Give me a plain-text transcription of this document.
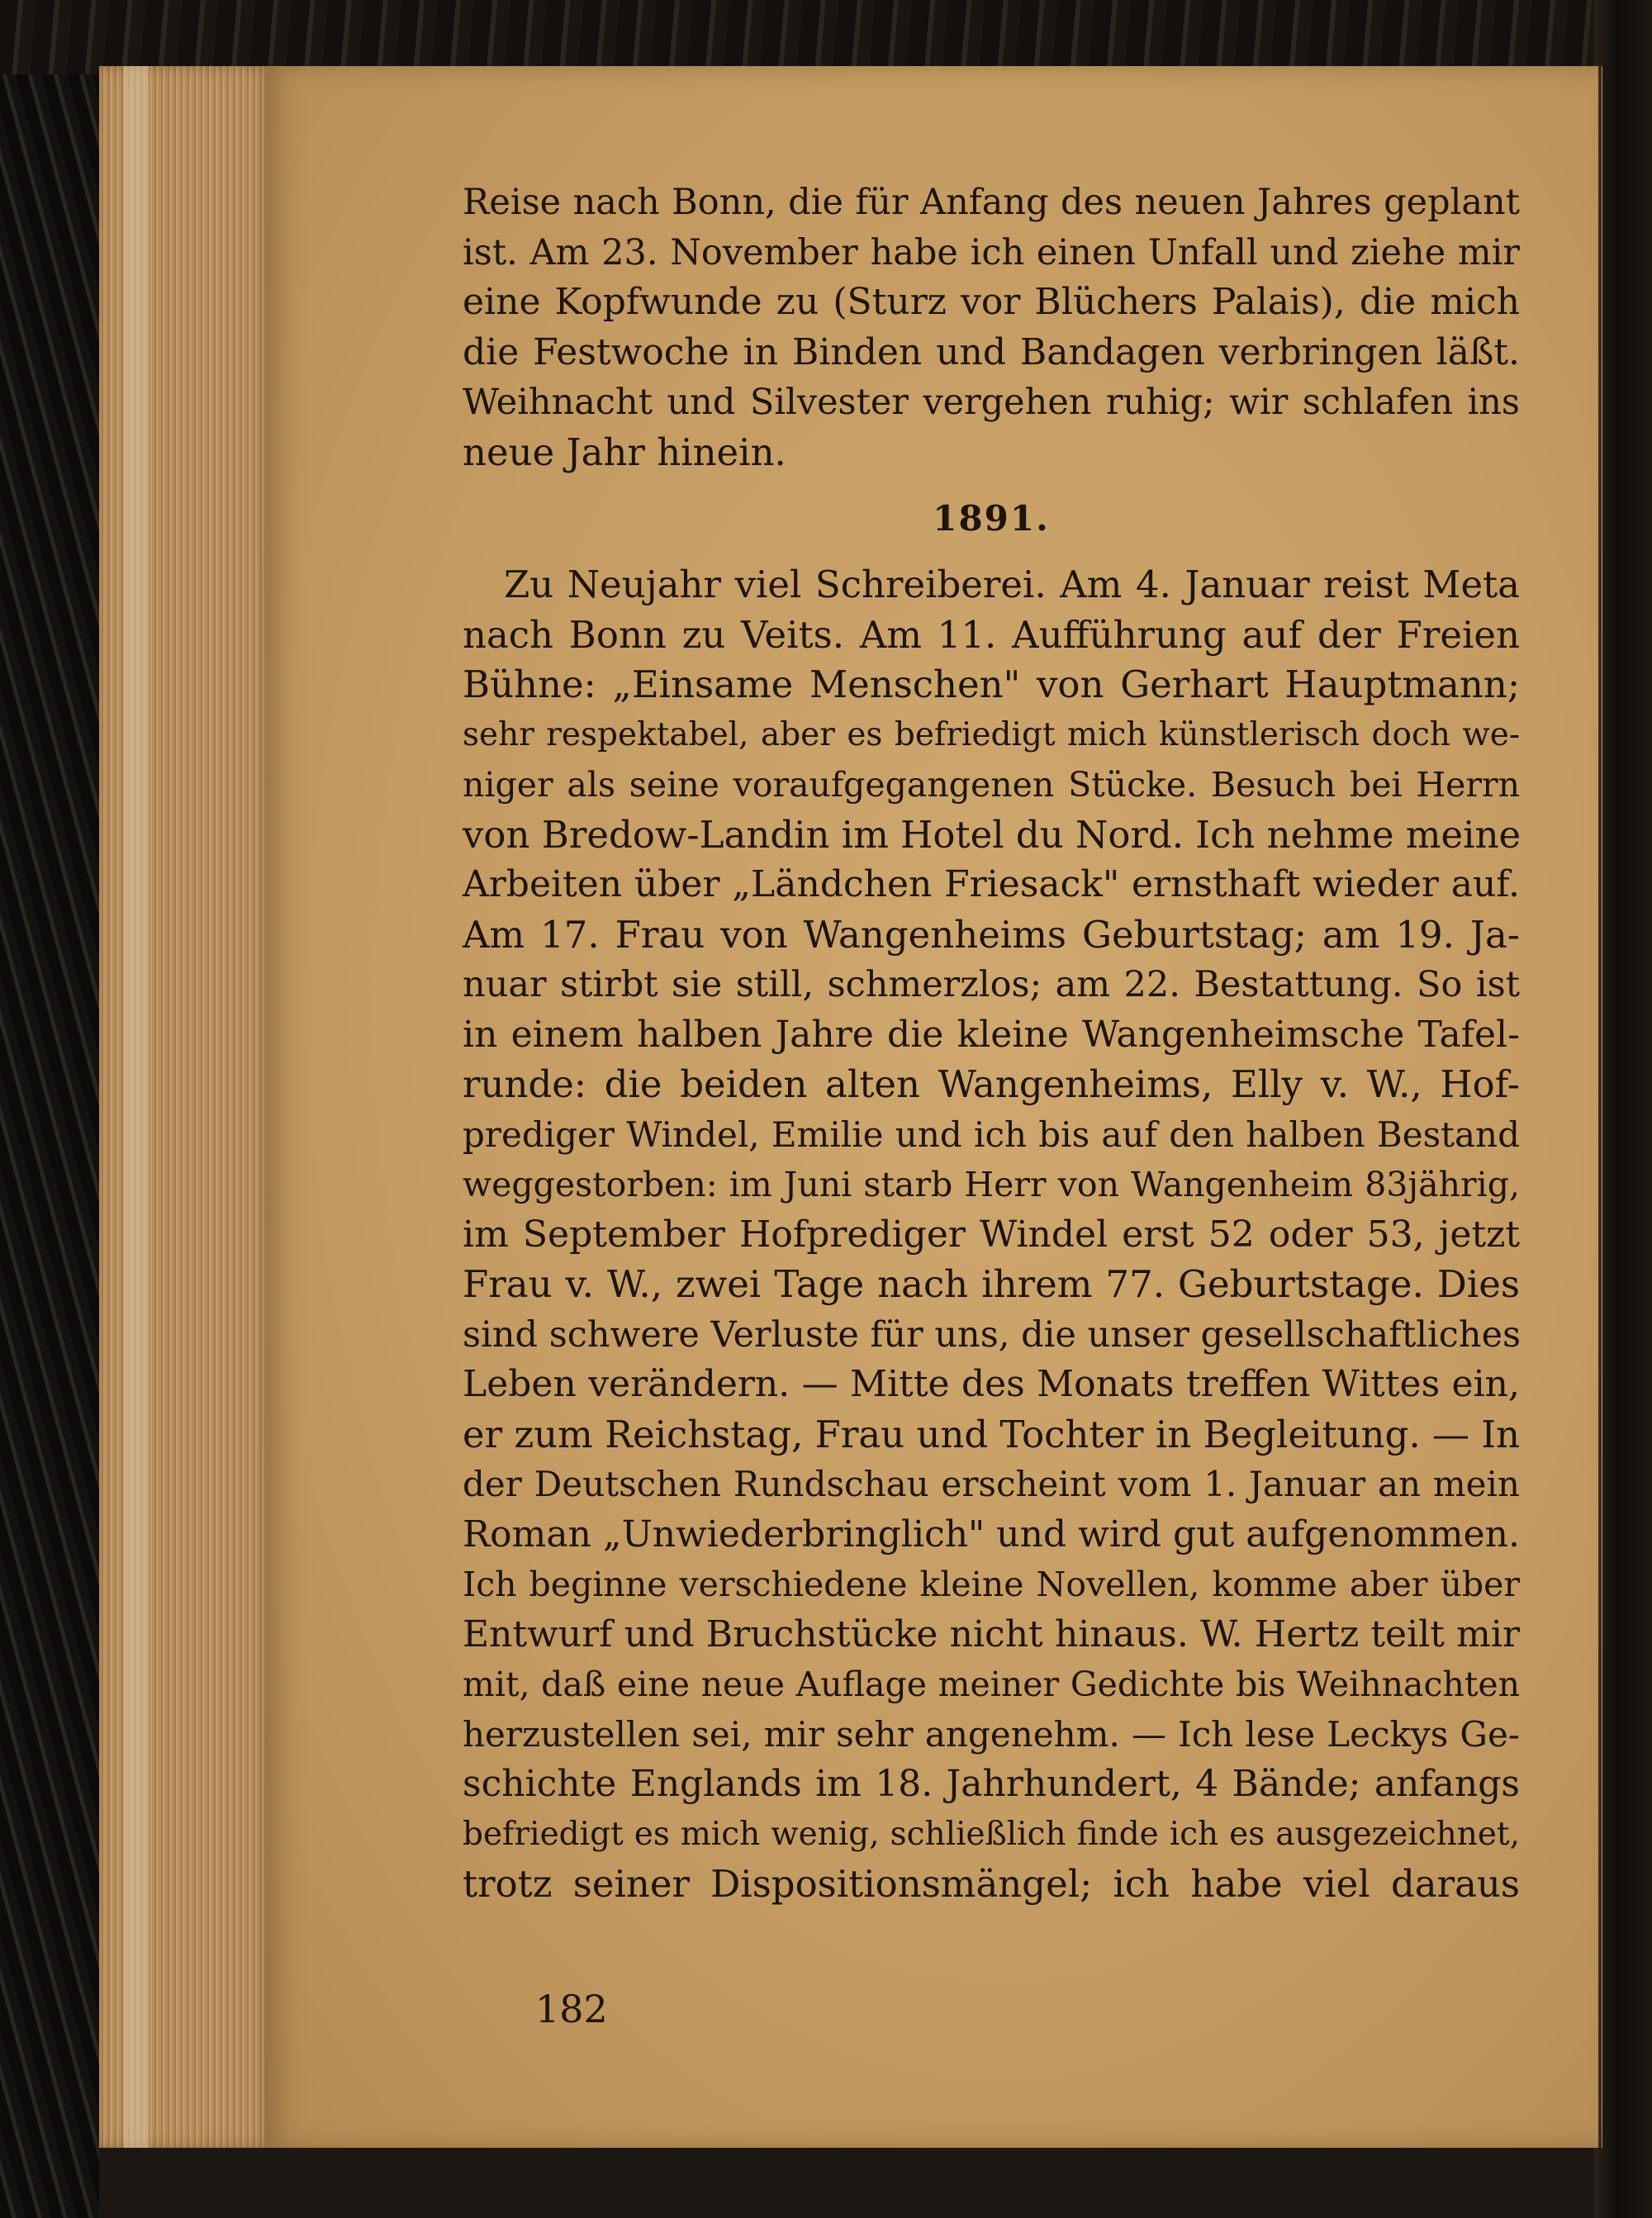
Reise nach Bonn, die für Anfang des neuen Jahres geplant
ist. Am 23. November habe ich einen Unfall und ziehe mir
eine Kopfwunde zu (Sturz vor Blüchers Palais), die mich
die Festwoche in Binden und Bandagen verbringen läßt.
Weihnacht und Silvester vergehen ruhig; wir schlafen ins
neue Jahr hinein.
1891.
Zu Neujahr viel Schreiberei. Am 4. Januar reist Meta
nach Bonn zu Veits. Am 11. Aufführung auf der Freien
Bühne: „Einsame Menschen" von Gerhart Hauptmann;
sehr respektabel, aber es befriedigt mich künstlerisch doch we-
niger als seine voraufgegangenen Stücke. Besuch bei Herrn
von Bredow-Landin im Hotel du Nord. Ich nehme meine
Arbeiten über „Ländchen Friesack" ernsthaft wieder auf.
Am 17. Frau von Wangenheims Geburtstag; am 19. Ja-
nuar stirbt sie still, schmerzlos; am 22. Bestattung. So ist
in einem halben Jahre die kleine Wangenheimsche Tafel-
runde: die beiden alten Wangenheims, Elly v. W., Hof-
prediger Windel, Emilie und ich bis auf den halben Bestand
weggestorben: im Juni starb Herr von Wangenheim 83jährig,
im September Hofprediger Windel erst 52 oder 53, jetzt
Frau v. W., zwei Tage nach ihrem 77. Geburtstage. Dies
sind schwere Verluste für uns, die unser gesellschaftliches
Leben verändern. — Mitte des Monats treffen Wittes ein,
er zum Reichstag, Frau und Tochter in Begleitung. — In
der Deutschen Rundschau erscheint vom 1. Januar an mein
Roman „Unwiederbringlich" und wird gut aufgenommen.
Ich beginne verschiedene kleine Novellen, komme aber über
Entwurf und Bruchstücke nicht hinaus. W. Hertz teilt mir
mit, daß eine neue Auflage meiner Gedichte bis Weihnachten
herzustellen sei, mir sehr angenehm. — Ich lese Leckys Ge-
schichte Englands im 18. Jahrhundert, 4 Bände; anfangs
befriedigt es mich wenig, schließlich finde ich es ausgezeichnet,
trotz seiner Dispositionsmängel; ich habe viel daraus
182
